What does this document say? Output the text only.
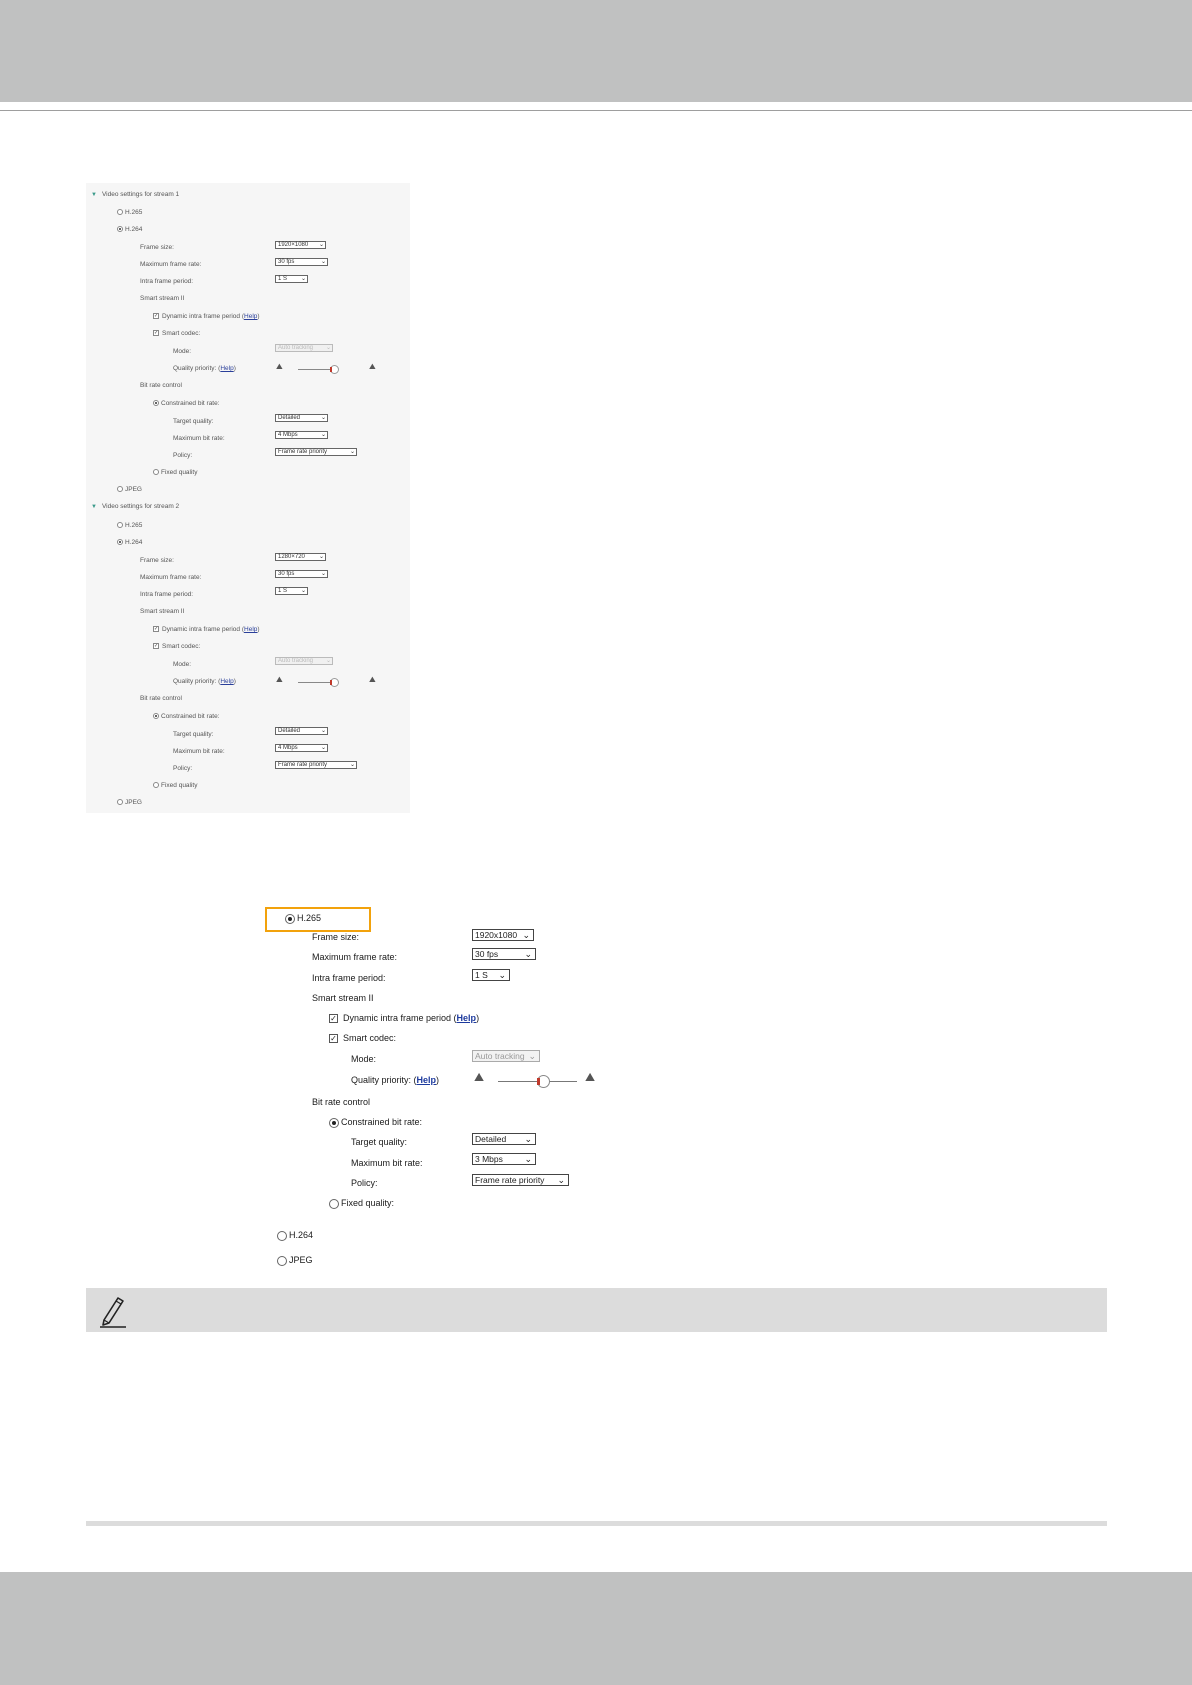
▼ Video settings for stream 1
H.265
H.264
Frame size:	1920×1080 ⌄
Maximum frame rate:	30 fps	⌄
Intra frame period:	1 S ⌄
Smart stream II
✓ Dynamic intra frame period (Help)
✓ Smart codec:
Mode:	Auto tracking ⌄
Quality priority: (Help)	⛰	⛰
Bit rate control
Constrained bit rate:
Target quality:	Detailed	⌄
Maximum bit rate:	4 Mbps	⌄
Policy:	Frame rate priority	⌄
Fixed quality
JPEG
▼ Video settings for stream 2
H.265
H.264
Frame size:	1280×720 ⌄
Maximum frame rate:	30 fps	⌄
Intra frame period:	1 S ⌄
Smart stream II
✓ Dynamic intra frame period (Help)
✓ Smart codec:
Mode:	Auto tracking ⌄
Quality priority: (Help)	⛰	⛰
Bit rate control
Constrained bit rate:
Target quality:	Detailed	⌄
Maximum bit rate:	4 Mbps	⌄
Policy:	Frame rate priority	⌄
Fixed quality
JPEG
H.265
Frame size:	1920x1080 ⌄
Maximum frame rate:	30 fps	⌄
Intra frame period:	1 S ⌄
Smart stream II
✓ Dynamic intra frame period (Help)
✓ Smart codec:
Mode:	Auto tracking ⌄
Quality priority: (Help)	⛰	⛰
Bit rate control
Constrained bit rate:
Target quality:	Detailed ⌄
Maximum bit rate:	3 Mbps ⌄
Policy:	Frame rate priority ⌄
Fixed quality:
H.264
JPEG
